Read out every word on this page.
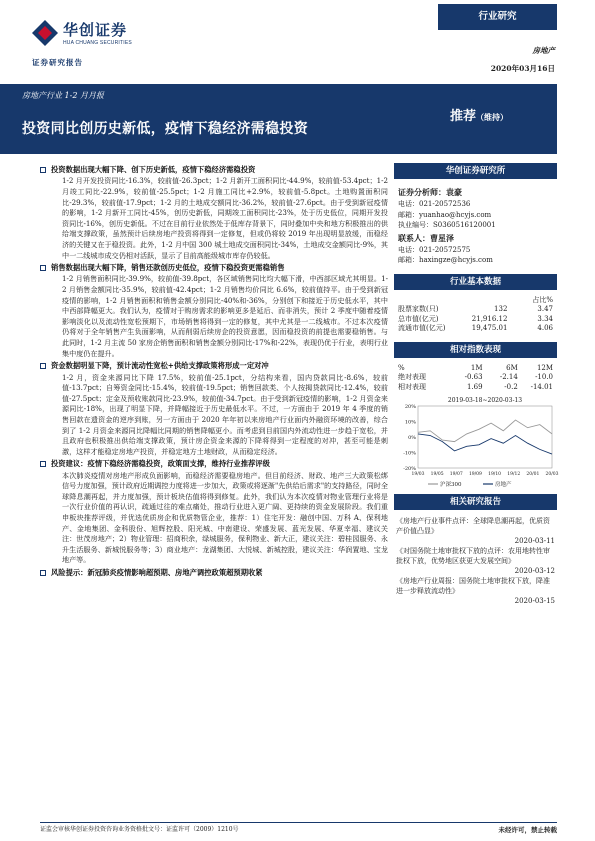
华创证券
HUA CHUANG SECURITIES
证券研究报告
行业研究
房地产
2020年03月16日
房地产行业 1-2 月月报
投资同比创历史新低，疫情下稳经济需稳投资
推荐（维持）
投资数据出现大幅下降、创下历史新低，疫情下稳经济需稳投资

1-2 月开发投资同比-16.3%，较前值-26.3pct；1-2 月新开工面积同比-44.9%，较前值-53.4pct；1-2 月竣工同比-22.9%，较前值-25.5pct；1-2 月施工同比+2.9%，较前值-5.8pct。土地购置面积同比-29.3%，较前值-17.9pct；1-2 月的土地成交额同比-36.2%，较前值-27.6pct。由于受到新冠疫情的影响，1-2 月新开工同比-45%，创历史新低，同期竣工面积同比-23%，处于历史低位，同期开发投资同比-16%，创历史新低。不过在目前行业依然处于低库存背景下，同时叠加中央和地方积极推出的供给端支撑政策，虽然预计后续房地产投资将得到一定修复，但或仍将较 2019 年出现明显放缓，而稳经济的关键又在于稳投资。此外，1-2 月中国 300 城土地成交面积同比-34%，土地成交金额同比-9%，其中一二线城市成交仍相对活跃，显示了目前高能级城市库存仍较低。

销售数据出现大幅下降，销售还款创历史低位，疫情下稳投资更需稳销售

1-2 月销售面积同比-39.9%，较前值-39.8pct，各区域销售同比均大幅下滑，中西部区域尤其明显。1-2 月销售金额同比-35.9%，较前值-42.4pct；1-2 月销售均价同比 6.6%，较前值持平。由于受到新冠疫情的影响，1-2 月销售面积和销售金额分别同比-40%和-36%，分别创下和接近于历史低水平，其中中西部降幅更大。我们认为，疫情对于购房需求的影响更多是延后、而非消失，预计 2 季度中随着疫情影响淡化以及流动性宽松预期下，市场销售将得到一定的修复，其中尤其是一二线城市。不过本次疫情仍将对于全年销售产生负面影响，从而削弱后续房企的投资意愿，因而稳投资的前提也需要稳销售。与此同时，1-2 月主流 50 家房企销售面积和销售金额分别同比-17%和-22%，表现仍优于行业，表明行业集中度仍在提升。

资金数据明显下降，预计流动性宽松+供给支撑政策将形成一定对冲

1-2 月，资金来源同比下降 17.5%，较前值-25.1pct，分结构来看，国内贷款同比-8.6%，较前值-13.7pct；自筹资金同比-15.4%，较前值-19.5pct；销售回款类、个人按揭贷款同比-12.4%，较前值-27.5pct；定金及预收账款同比-23.9%，较前值-34.7pct。由于受到新冠疫情的影响，1-2 月资金来源同比-18%，出现了明显下降，并降幅接近于历史最低水平。不过，一方面由于 2019 年 4 季度的销售回款在遗资金的逆序到账，另一方面由于 2020 年年初以来房地产行业面内外融资环境的改善，综合到了 1-2 月资金来源同比降幅比同期的销售降幅更小。而考虑到目前国内外流动性进一步趋于宽松，并且政府也积极推出供给端支撑政策，预计房企资金来源的下降将得到一定程度的对冲，甚至可能是刺激，这样才能稳定房地产投资，并稳定地方土地财政，从而稳定经济。

投资建议：疫情下稳经济需稳投资，政策面支撑，维持行业推荐评级

本次肺炎疫情对房地产形成负面影响，而稳经济需要稳房地产。但目前经济、财政、地产三大政策松绑信号力度加强，预计政府近期调控力度将进一步加大，政策或将逐渐"先供给后需求"的支持路径，同时全球降息潮再起，并力度加强，预计板块估值将得到修复。此外，我们认为本次疫情对物业管理行业将是一次行业价值的再认识，疏通过往的难点痛处，推动行业进入更广阔、更持续的资金发展阶段。我们重申板块推荐评级，并优选优质房企和优质物管企业，推荐：1）住宅开发：融创中国、万科 A、保利地产、金地集团、金科股份、旭辉控股、阳光城、中南建设、荣盛发展、蓝光发展、华夏幸福、建议关注：世茂房地产；2）物业管理：招商积余，绿城服务，保利物业、新大正，建议关注：碧桂园服务、永升生活服务、新城悦服务等；3）商业地产：龙湖集团、大悦城、新城控股，建议关注：华润置地、宝龙地产等。

风险提示：新冠肺炎疫情影响超预期、房地产调控政策超预期收紧
华创证券研究所
证券分析师：袁豪
电话：021-20572536
邮箱：yuanhao@hcyjs.com
执业编号：S0360516120001
联系人：曹星泽
电话：021-20572575
邮箱：haxingze@hcyjs.com
行业基本数据
占比%
股票家数(只)	132	3.47
总市值(亿元)	21,916.12	3.34
流通市值(亿元)	19,475.01	4.06
相对指数表现
%	1M	6M	12M
绝对表现	-0.63	-2.14	-10.0
相对表现	1.69	-0.2	-14.01
2019-03-18~2020-03-13
20%
10%
0%
-10%
-20%
19/03 19/05 19/07 19/09 19/10 19/12 20/01 20/03
沪深300	房地产
相关研究报告
《房地产行业事件点评：全球降息潮再起，优质资产价值凸显》
2020-03-11
《对国务院土地审批权下放的点评：农用地转性审批权下放，优势地区获更大发展空间》
2020-03-12
《房地产行业周报：国务院土地审批权下放，降准进一步释放流动性》
2020-03-15
证监会审核华创证券投资咨询业务资格批文号：证监许可（2009）1210号	未经许可，禁止转载
